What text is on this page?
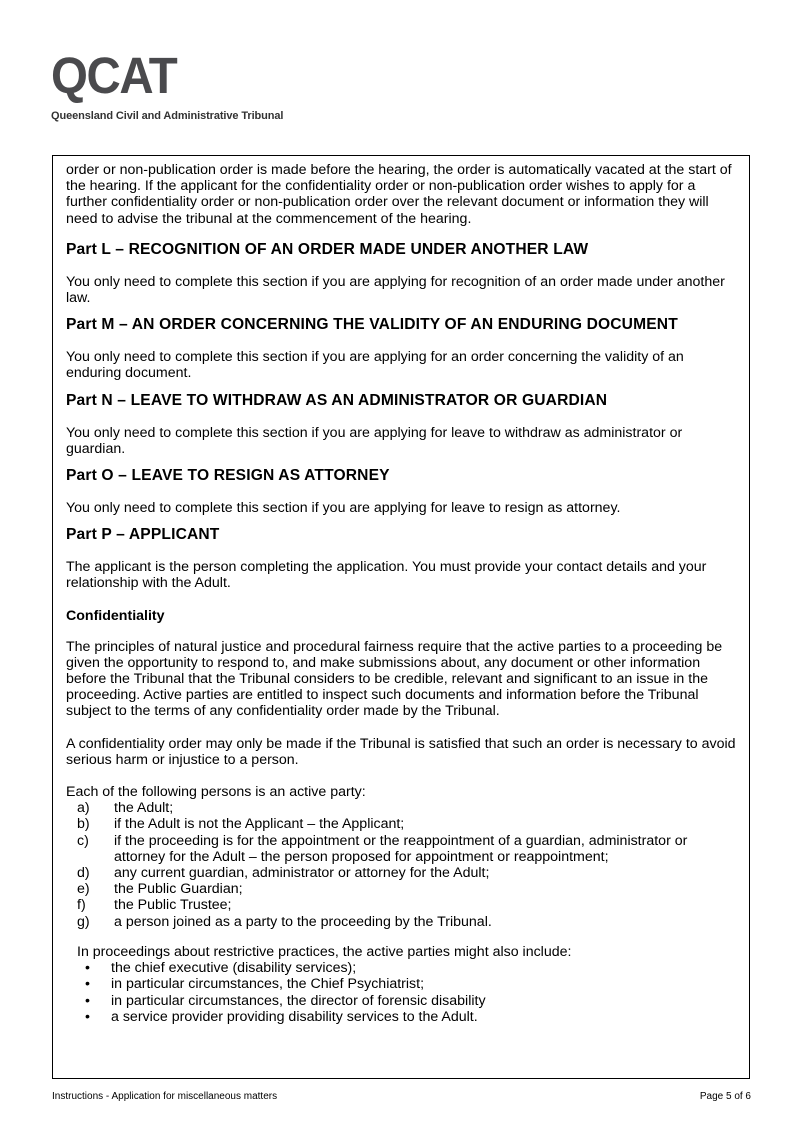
QCAT
Queensland Civil and Administrative Tribunal

order or non-publication order is made before the hearing, the order is automatically vacated at the start of the hearing. If the applicant for the confidentiality order or non-publication order wishes to apply for a further confidentiality order or non-publication order over the relevant document or information they will need to advise the tribunal at the commencement of the hearing.

Part L – RECOGNITION OF AN ORDER MADE UNDER ANOTHER LAW

You only need to complete this section if you are applying for recognition of an order made under another law.

Part M – AN ORDER CONCERNING THE VALIDITY OF AN ENDURING DOCUMENT

You only need to complete this section if you are applying for an order concerning the validity of an enduring document.

Part N – LEAVE TO WITHDRAW AS AN ADMINISTRATOR OR GUARDIAN

You only need to complete this section if you are applying for leave to withdraw as administrator or guardian.

Part O – LEAVE TO RESIGN AS ATTORNEY

You only need to complete this section if you are applying for leave to resign as attorney.

Part P – APPLICANT

The applicant is the person completing the application. You must provide your contact details and your relationship with the Adult.

Confidentiality

The principles of natural justice and procedural fairness require that the active parties to a proceeding be given the opportunity to respond to, and make submissions about, any document or other information before the Tribunal that the Tribunal considers to be credible, relevant and significant to an issue in the proceeding. Active parties are entitled to inspect such documents and information before the Tribunal subject to the terms of any confidentiality order made by the Tribunal.

A confidentiality order may only be made if the Tribunal is satisfied that such an order is necessary to avoid serious harm or injustice to a person.

Each of the following persons is an active party:

a)	the Adult;
b)	if the Adult is not the Applicant – the Applicant;
c)	if the proceeding is for the appointment or the reappointment of a guardian, administrator or attorney for the Adult – the person proposed for appointment or reappointment;
d)	any current guardian, administrator or attorney for the Adult;
e)	the Public Guardian;
f)	the Public Trustee;
g)	a person joined as a party to the proceeding by the Tribunal.

In proceedings about restrictive practices, the active parties might also include:

•	the chief executive (disability services);
•	in particular circumstances, the Chief Psychiatrist;
•	in particular circumstances, the director of forensic disability
•	a service provider providing disability services to the Adult.
Instructions - Application for miscellaneous matters	Page 5 of 6
